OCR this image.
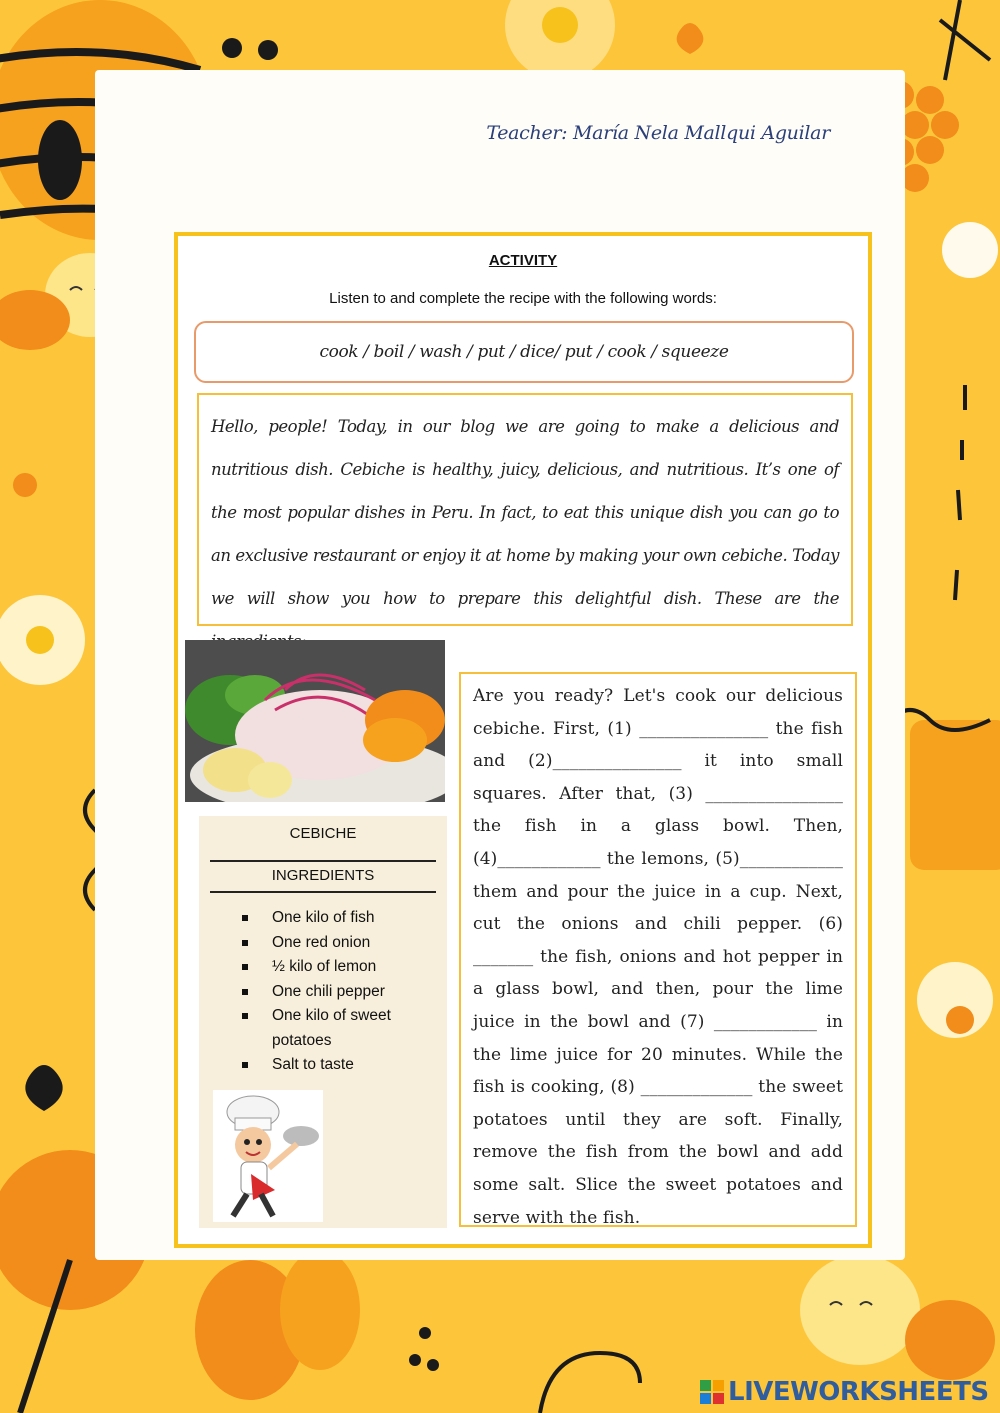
Teacher: María Nela Mallqui Aguilar
ACTIVITY
Listen to and complete the recipe with the following words:
cook / boil / wash / put / dice/ put / cook / squeeze
Hello, people! Today, in our blog we are going to make a delicious and nutritious dish. Cebiche is healthy, juicy, delicious, and nutritious. It’s one of the most popular dishes in Peru. In fact, to eat this unique dish you can go to an exclusive restaurant or enjoy it at home by making your own cebiche. Today we will show you how to prepare this delightful dish. These are the
CEBICHE
INGREDIENTS
One kilo of fish
One red onion
½ kilo of lemon
One chili pepper
One kilo of sweet potatoes
Salt to taste
Are you ready? Let's cook our delicious cebiche. First, (1) _______________ the fish and (2)_______________ it into small squares. After that, (3) ________________ the fish in a glass bowl. Then, (4)____________ the lemons, (5)____________ them and pour the juice in a cup. Next, cut the onions and chili pepper. (6) _______ the fish, onions and hot pepper in a glass bowl, and then, pour the lime juice in the bowl and (7) ____________ in the lime juice for 20 minutes. While the fish is cooking, (8) _____________ the sweet potatoes until they are soft. Finally, remove the fish from the bowl and add some salt. Slice the sweet potatoes and serve with the fish.
LIVEWORKSHEETS
